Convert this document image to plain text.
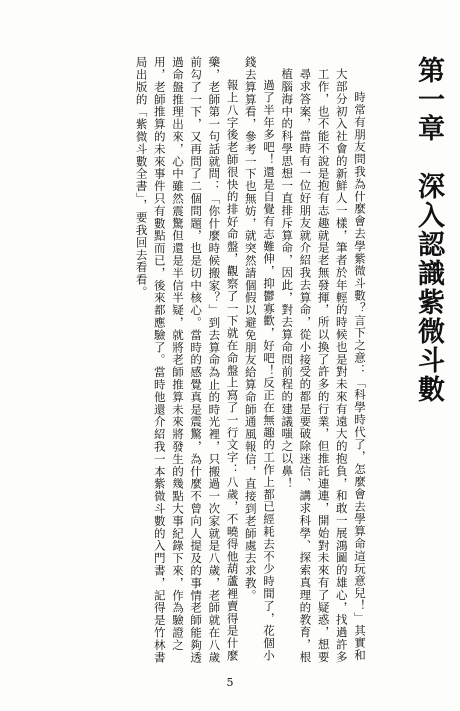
第一章　深入認識紫微斗數

時常有朋友問我為什麼會去學紫微斗數？言下之意：「科學時代了，怎麼會去學算命這玩意兒！」其實和大部分初入社會的新鮮人一樣，筆者於年輕的時候也是對未來有遠大的抱負，和敢一展鴻圖的雄心，找過許多工作，也不能不說是抱有志趣就是老無發揮，所以換了許多的行業，但推託連連，開始對未來有了疑惑，想要尋求答案，當時有一位好朋友就介紹我去算命，從小接受的都是要破除迷信、講求科學、探索真理的教育，根植腦海中的科學思想一直排斥算命，因此，對去算命問前程的建議嗤之以鼻！

過了半年多吧！還是自覺有志難伸，抑鬱寡歡，好吧！反正在無趣的工作上都已經耗去不少時間了，花個小錢去算算看，參考一下也無妨，就突然請個假以避免朋友給算命師通風報信，直接到老師處去求教。

報上八字後老師很快的排好命盤，觀察了一下就在命盤上寫了一行文字：八歲，不曉得他葫蘆裡賣得是什麼藥，老師第一句話就問：「你什麼時候搬家？」到去算命為止的時光裡，只搬過一次家就是八歲，老師就在八歲前勾了一下，又再問了二個問題，也是切中核心。當時的感覺真是震驚，為什麼不曾向人提及的事情老師能夠透過命盤推理出來，心中雖然震驚但還是半信半疑，就將老師推算未來將發生的幾點大事紀錄下來，作為驗證之用，老師推算的未來事件只有數點而已，後來都應驗了。當時他還介紹我一本紫微斗數的入門書，記得是竹林書局出版的「紫微斗數全書」，要我回去看看。

5
